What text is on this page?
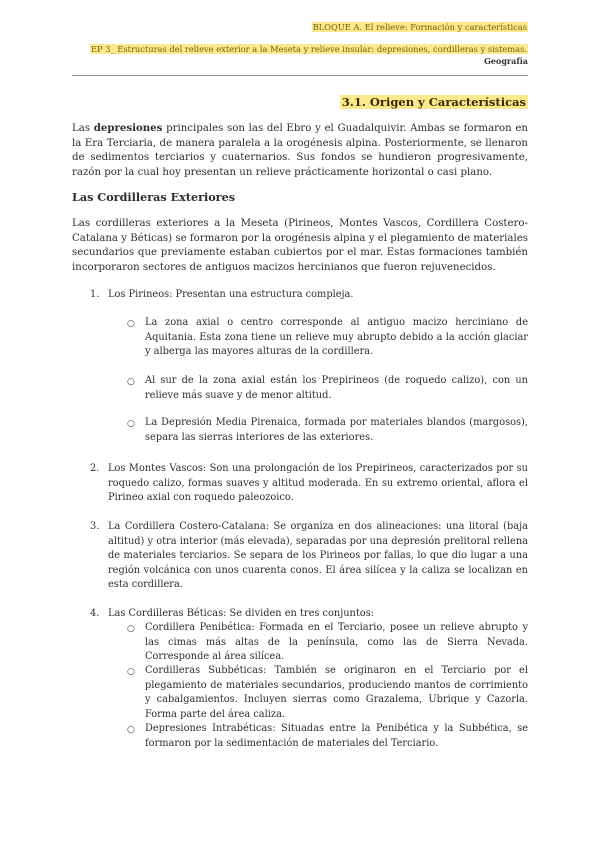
BLOQUE A. El relieve: Formación y características
EP 3_ Estructuras del relieve exterior a la Meseta y relieve insular: depresiones, cordilleras y sistemas.
Geografía
3.1. Origen y Características
Las depresiones principales son las del Ebro y el Guadalquivir. Ambas se formaron en la Era Terciaria, de manera paralela a la orogénesis alpina. Posteriormente, se llenaron de sedimentos terciarios y cuaternarios. Sus fondos se hundieron progresivamente, razón por la cual hoy presentan un relieve prácticamente horizontal o casi plano.
Las Cordilleras Exteriores
Las cordilleras exteriores a la Meseta (Pirineos, Montes Vascos, Cordillera Costero-Catalana y Béticas) se formaron por la orogénesis alpina y el plegamiento de materiales secundarios que previamente estaban cubiertos por el mar. Estas formaciones también incorporaron sectores de antiguos macizos hercinianos que fueron rejuvenecidos.
1. Los Pirineos: Presentan una estructura compleja.
○ La zona axial o centro corresponde al antiguo macizo herciniano de Aquitania. Esta zona tiene un relieve muy abrupto debido a la acción glaciar y alberga las mayores alturas de la cordillera.
○ Al sur de la zona axial están los Prepirineos (de roquedo calizo), con un relieve más suave y de menor altitud.
○ La Depresión Media Pirenaica, formada por materiales blandos (margosos), separa las sierras interiores de las exteriores.
2. Los Montes Vascos: Son una prolongación de los Prepirineos, caracterizados por su roquedo calizo, formas suaves y altitud moderada. En su extremo oriental, aflora el Pirineo axial con roquedo paleozoico.
3. La Cordillera Costero-Catalana: Se organiza en dos alineaciones: una litoral (baja altitud) y otra interior (más elevada), separadas por una depresión prelitoral rellena de materiales terciarios. Se separa de los Pirineos por fallas, lo que dio lugar a una región volcánica con unos cuarenta conos. El área silícea y la caliza se localizan en esta cordillera.
4. Las Cordilleras Béticas: Se dividen en tres conjuntos:
○ Cordillera Penibética: Formada en el Terciario, posee un relieve abrupto y las cimas más altas de la península, como las de Sierra Nevada. Corresponde al área silícea.
○ Cordilleras Subbéticas: También se originaron en el Terciario por el plegamiento de materiales secundarios, produciendo mantos de corrimiento y cabalgamientos. Incluyen sierras como Grazalema, Ubrique y Cazorla. Forma parte del área caliza.
○ Depresiones Intrabéticas: Situadas entre la Penibética y la Subbética, se formaron por la sedimentación de materiales del Terciario.
